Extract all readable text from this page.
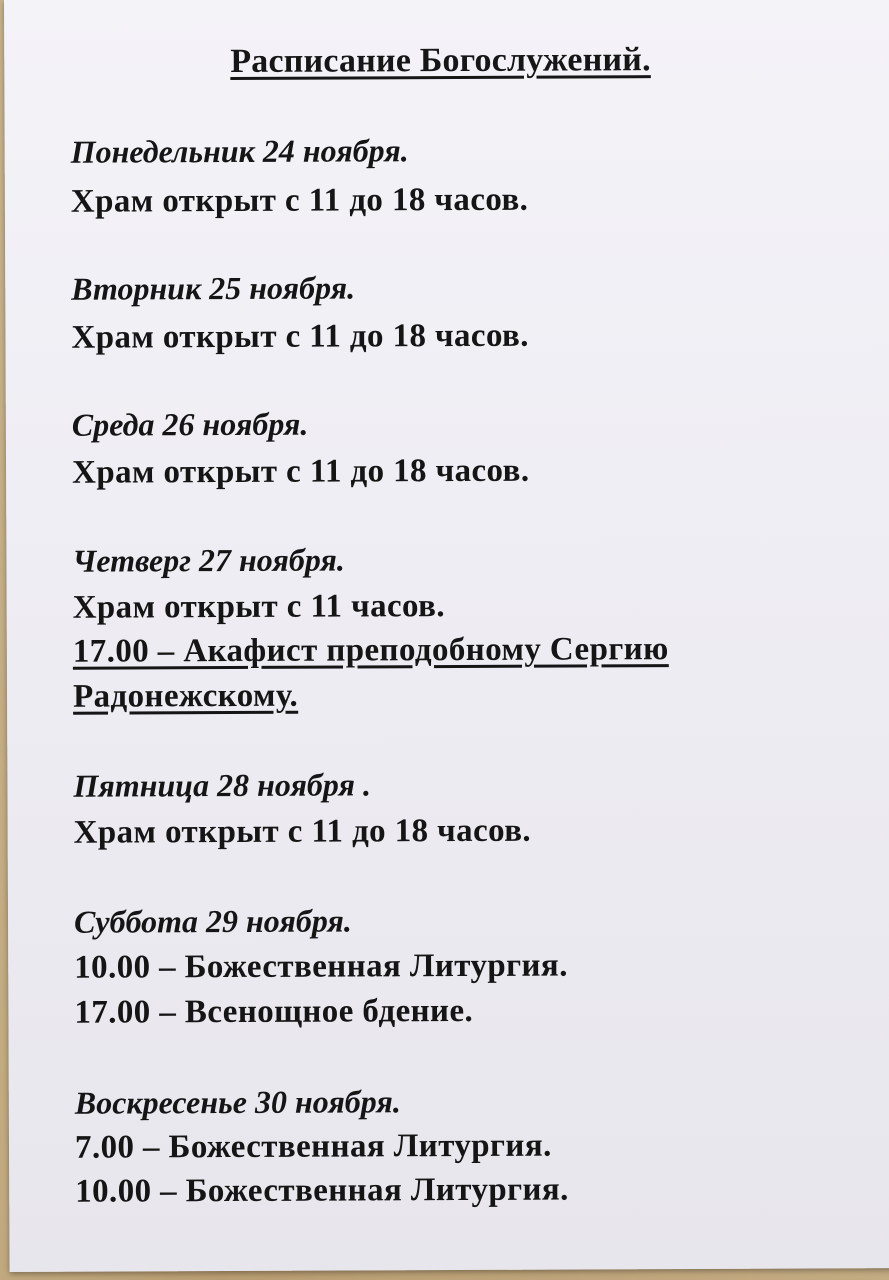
Расписание Богослужений.
Понедельник 24 ноября.
Храм открыт с 11 до 18 часов.
Вторник 25 ноября.
Храм открыт с 11 до 18 часов.
Среда 26 ноября.
Храм открыт с 11 до 18 часов.
Четверг 27 ноября.
Храм открыт с 11 часов.
17.00 – Акафист преподобному Сергию
Радонежскому.
Пятница 28 ноября .
Храм открыт с 11 до 18 часов.
Суббота 29 ноября.
10.00 – Божественная Литургия.
17.00 – Всенощное бдение.
Воскресенье 30 ноября.
7.00 – Божественная Литургия.
10.00 – Божественная Литургия.
